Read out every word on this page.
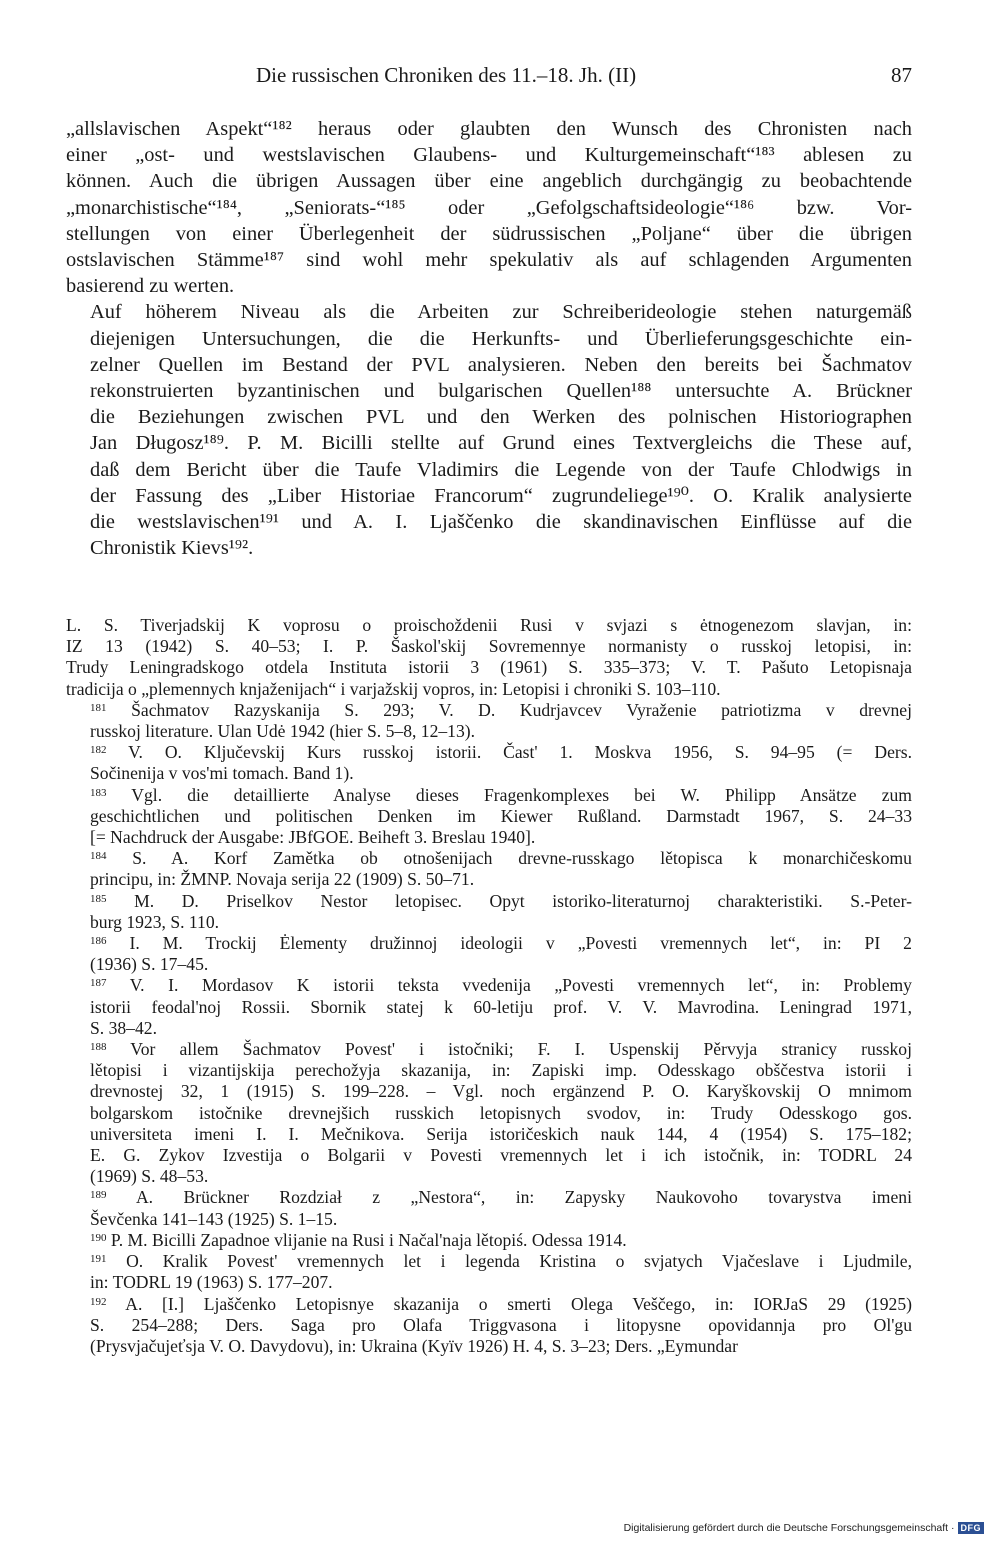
Die russischen Chroniken des 11.–18. Jh. (II)	87

„allslavischen Aspekt“¹⁸² heraus oder glaubten den Wunsch des Chronisten nach
einer „ost- und westslavischen Glaubens- und Kulturgemeinschaft“¹⁸³ ablesen zu
können. Auch die übrigen Aussagen über eine angeblich durchgängig zu beobachtende
„monarchistische“¹⁸⁴, „Seniorats-“¹⁸⁵ oder „Gefolgschaftsideologie“¹⁸⁶ bzw. Vor-
stellungen von einer Überlegenheit der südrussischen „Poljane“ über die übrigen
ostslavischen Stämme¹⁸⁷ sind wohl mehr spekulativ als auf schlagenden Argumenten
basierend zu werten.

Auf höherem Niveau als die Arbeiten zur Schreiberideologie stehen naturgemäß
diejenigen Untersuchungen, die die Herkunfts- und Überlieferungsgeschichte ein-
zelner Quellen im Bestand der PVL analysieren. Neben den bereits bei Šachmatov
rekonstruierten byzantinischen und bulgarischen Quellen¹⁸⁸ untersuchte A. Brückner
die Beziehungen zwischen PVL und den Werken des polnischen Historiographen
Jan Długosz¹⁸⁹. P. M. Bicilli stellte auf Grund eines Textvergleichs die These auf,
daß dem Bericht über die Taufe Vladimirs die Legende von der Taufe Chlodwigs in
der Fassung des „Liber Historiae Francorum“ zugrundeliege¹⁹⁰. O. Kralik analysierte
die westslavischen¹⁹¹ und A. I. Ljaščenko die skandinavischen Einflüsse auf die
Chronistik Kievs¹⁹².

L. S. Tiverjadskij K voprosu o proischoždenii Rusi v svjazi s ėtnogenezom slavjan, in:
IZ 13 (1942) S. 40–53; I. P. Šaskol'skij Sovremennye normanisty o russkoj letopisi, in:
Trudy Leningradskogo otdela Instituta istorii 3 (1961) S. 335–373; V. T. Pašuto Letopisnaja
tradicija o „plemennych knjaženijach“ i varjažskij vopros, in: Letopisi i chroniki S. 103–110.

$^{181}$ Šachmatov Razyskanija S. 293; V. D. Kudrjavcev Vyraženie patriotizma v drevnej
russkoj literature. Ulan Udė 1942 (hier S. 5–8, 12–13).

$^{182}$ V. O. Ključevskij Kurs russkoj istorii. Čast' 1. Moskva 1956, S. 94–95 (= Ders.
Sočinenija v vos'mi tomach. Band 1).

$^{183}$ Vgl. die detaillierte Analyse dieses Fragenkomplexes bei W. Philipp Ansätze zum
geschichtlichen und politischen Denken im Kiewer Rußland. Darmstadt 1967, S. 24–33
[= Nachdruck der Ausgabe: JBfGOE. Beiheft 3. Breslau 1940].

$^{184}$ S. A. Korf Zamětka ob otnošenijach drevne-russkago lětopisca k monarchičeskomu
principu, in: ŽMNP. Novaja serija 22 (1909) S. 50–71.

$^{185}$ M. D. Priselkov Nestor letopisec. Opyt istoriko-literaturnoj charakteristiki. S.-Peter-
burg 1923, S. 110.

$^{186}$ I. M. Trockij Ėlementy družinnoj ideologii v „Povesti vremennych let“, in: PI 2
(1936) S. 17–45.

$^{187}$ V. I. Mordasov K istorii teksta vvedenija „Povesti vremennych let“, in: Problemy
istorii feodal'noj Rossii. Sbornik statej k 60-letiju prof. V. V. Mavrodina. Leningrad 1971,
S. 38–42.

$^{188}$ Vor allem Šachmatov Povest' i istočniki; F. I. Uspenskij Pěrvyja stranicy russkoj
lětopisi i vizantijskija perechožyja skazanija, in: Zapiski imp. Odesskago obščestva istorii i
drevnostej 32, 1 (1915) S. 199–228. – Vgl. noch ergänzend P. O. Karyškovskij O mnimom
bolgarskom istočnike drevnejšich russkich letopisnych svodov, in: Trudy Odesskogo gos.
universiteta imeni I. I. Mečnikova. Serija istoričeskich nauk 144, 4 (1954) S. 175–182;
E. G. Zykov Izvestija o Bolgarii v Povesti vremennych let i ich istočnik, in: TODRL 24
(1969) S. 48–53.

$^{189}$ A. Brückner Rozdział z „Nestora“, in: Zapysky Naukovoho tovarystva imeni
Ševčenka 141–143 (1925) S. 1–15.

$^{190}$ P. M. Bicilli Zapadnoe vlijanie na Rusi i Načal'naja lětopiś. Odessa 1914.

$^{191}$ O. Kralik Povest' vremennych let i legenda Kristina o svjatych Vjačeslave i Ljudmile,
in: TODRL 19 (1963) S. 177–207.

$^{192}$ A. [I.] Ljaščenko Letopisnye skazanija o smerti Olega Veščego, in: IORJaS 29 (1925)
S. 254–288; Ders. Saga pro Olafa Triggvasona i litopysne opovidannja pro Ol'gu
(Prysvjačujeťsja V. O. Davydovu), in: Ukraina (Kyïv 1926) H. 4, S. 3–23; Ders. „Eymundar

Digitalisierung gefördert durch die Deutsche Forschungsgemeinschaft · DFG
